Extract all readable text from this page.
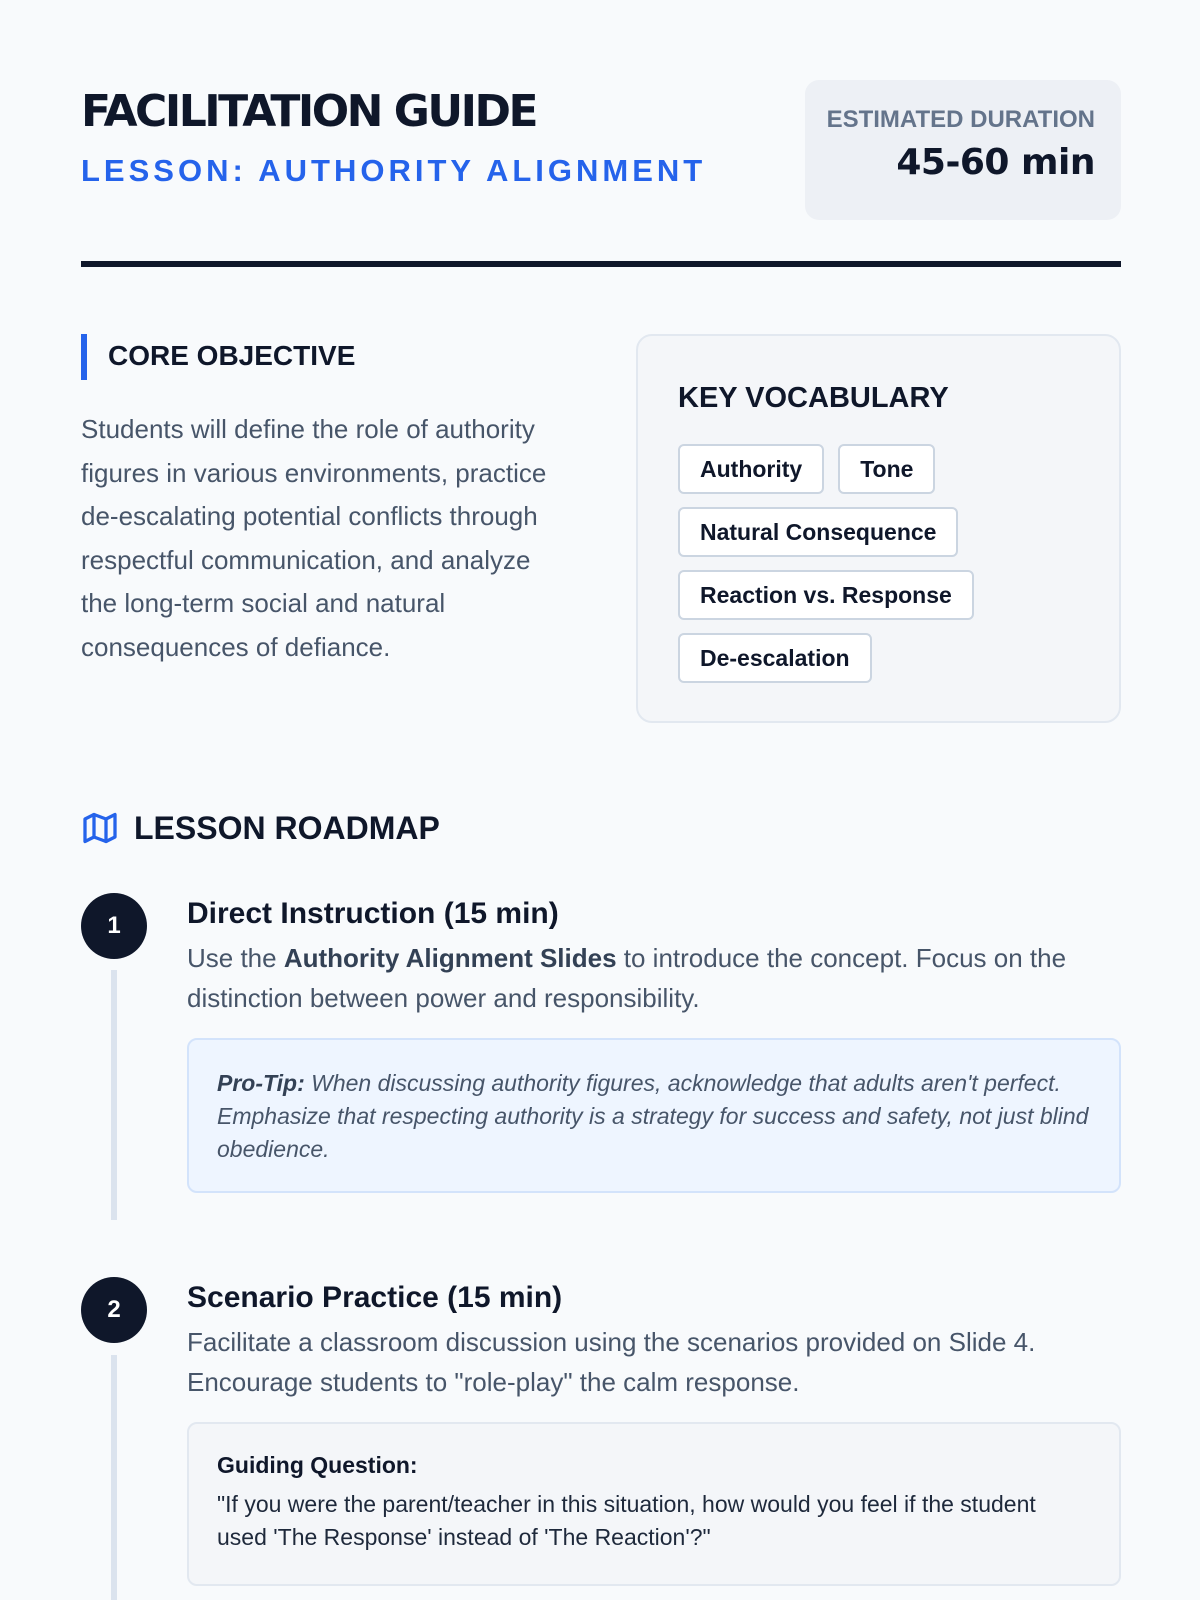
FACILITATION GUIDE
LESSON: AUTHORITY ALIGNMENT
ESTIMATED DURATION
45-60 min
CORE OBJECTIVE

Students will define the role of authority figures in various environments, practice de-escalating potential conflicts through respectful communication, and analyze the long-term social and natural consequences of defiance.

KEY VOCABULARY
Authority	Tone
Natural Consequence
Reaction vs. Response
De-escalation
LESSON ROADMAP
1	Direct Instruction (15 min)

Use the Authority Alignment Slides to introduce the concept. Focus on the distinction between power and responsibility.

Pro-Tip: When discussing authority figures, acknowledge that adults aren't perfect. Emphasize that respecting authority is a strategy for success and safety, not just blind obedience.
2	Scenario Practice (15 min)

Facilitate a classroom discussion using the scenarios provided on Slide 4. Encourage students to "role-play" the calm response.

Guiding Question:
"If you were the parent/teacher in this situation, how would you feel if the student used 'The Response' instead of 'The Reaction'?"
